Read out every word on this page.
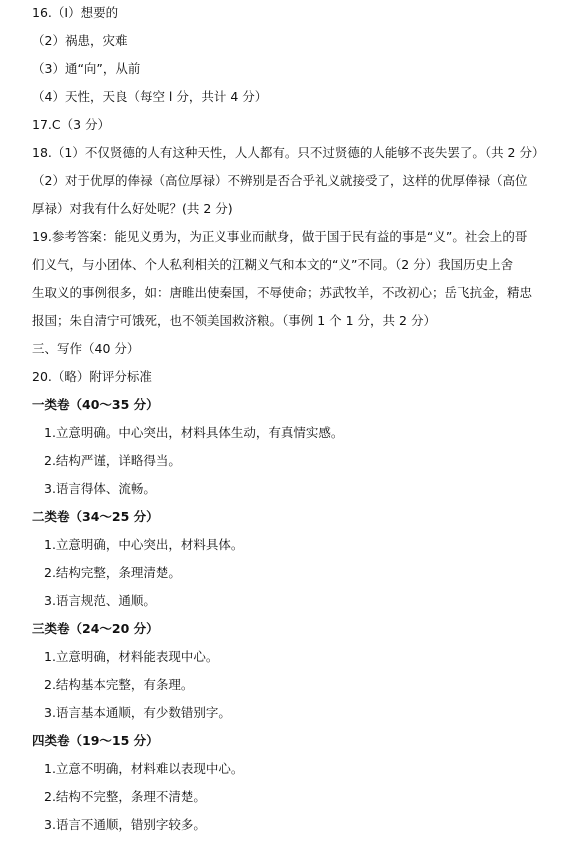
16.（I）想要的
（2）祸患，灾难
（3）通“向”，从前
（4）天性，天良（每空 l 分，共计 4 分）
17.C（3 分）
18.（1）不仅贤德的人有这种天性，人人都有。只不过贤德的人能够不丧失罢了。（共 2 分）
（2）对于优厚的俸禄（高位厚禄）不辨别是否合乎礼义就接受了，这样的优厚俸禄（高位
厚禄）对我有什么好处呢？(共 2 分)
19.参考答案：能见义勇为，为正义事业而献身，做于国于民有益的事是“义”。社会上的哥
们义气，与小团体、个人私利相关的江糊义气和本文的“义”不同。（2 分）我国历史上舍
生取义的事例很多，如：唐睢出使秦国，不辱使命；苏武牧羊，不改初心；岳飞抗金，精忠
报国；朱自清宁可饿死，也不领美国救济粮。（事例 1 个 1 分，共 2 分）
三、写作（40 分）
20.（略）附评分标准
一类卷（40～35 分）
1.立意明确。中心突出，材料具体生动，有真情实感。
2.结构严谨，详略得当。
3.语言得体、流畅。
二类卷（34～25 分）
1.立意明确，中心突出，材料具体。
2.结构完整，条理清楚。
3.语言规范、通顺。
三类卷（24～20 分）
1.立意明确，材料能表现中心。
2.结构基本完整，有条理。
3.语言基本通顺，有少数错别字。
四类卷（19～15 分）
1.立意不明确，材料难以表现中心。
2.结构不完整，条理不清楚。
3.语言不通顺，错别字较多。
